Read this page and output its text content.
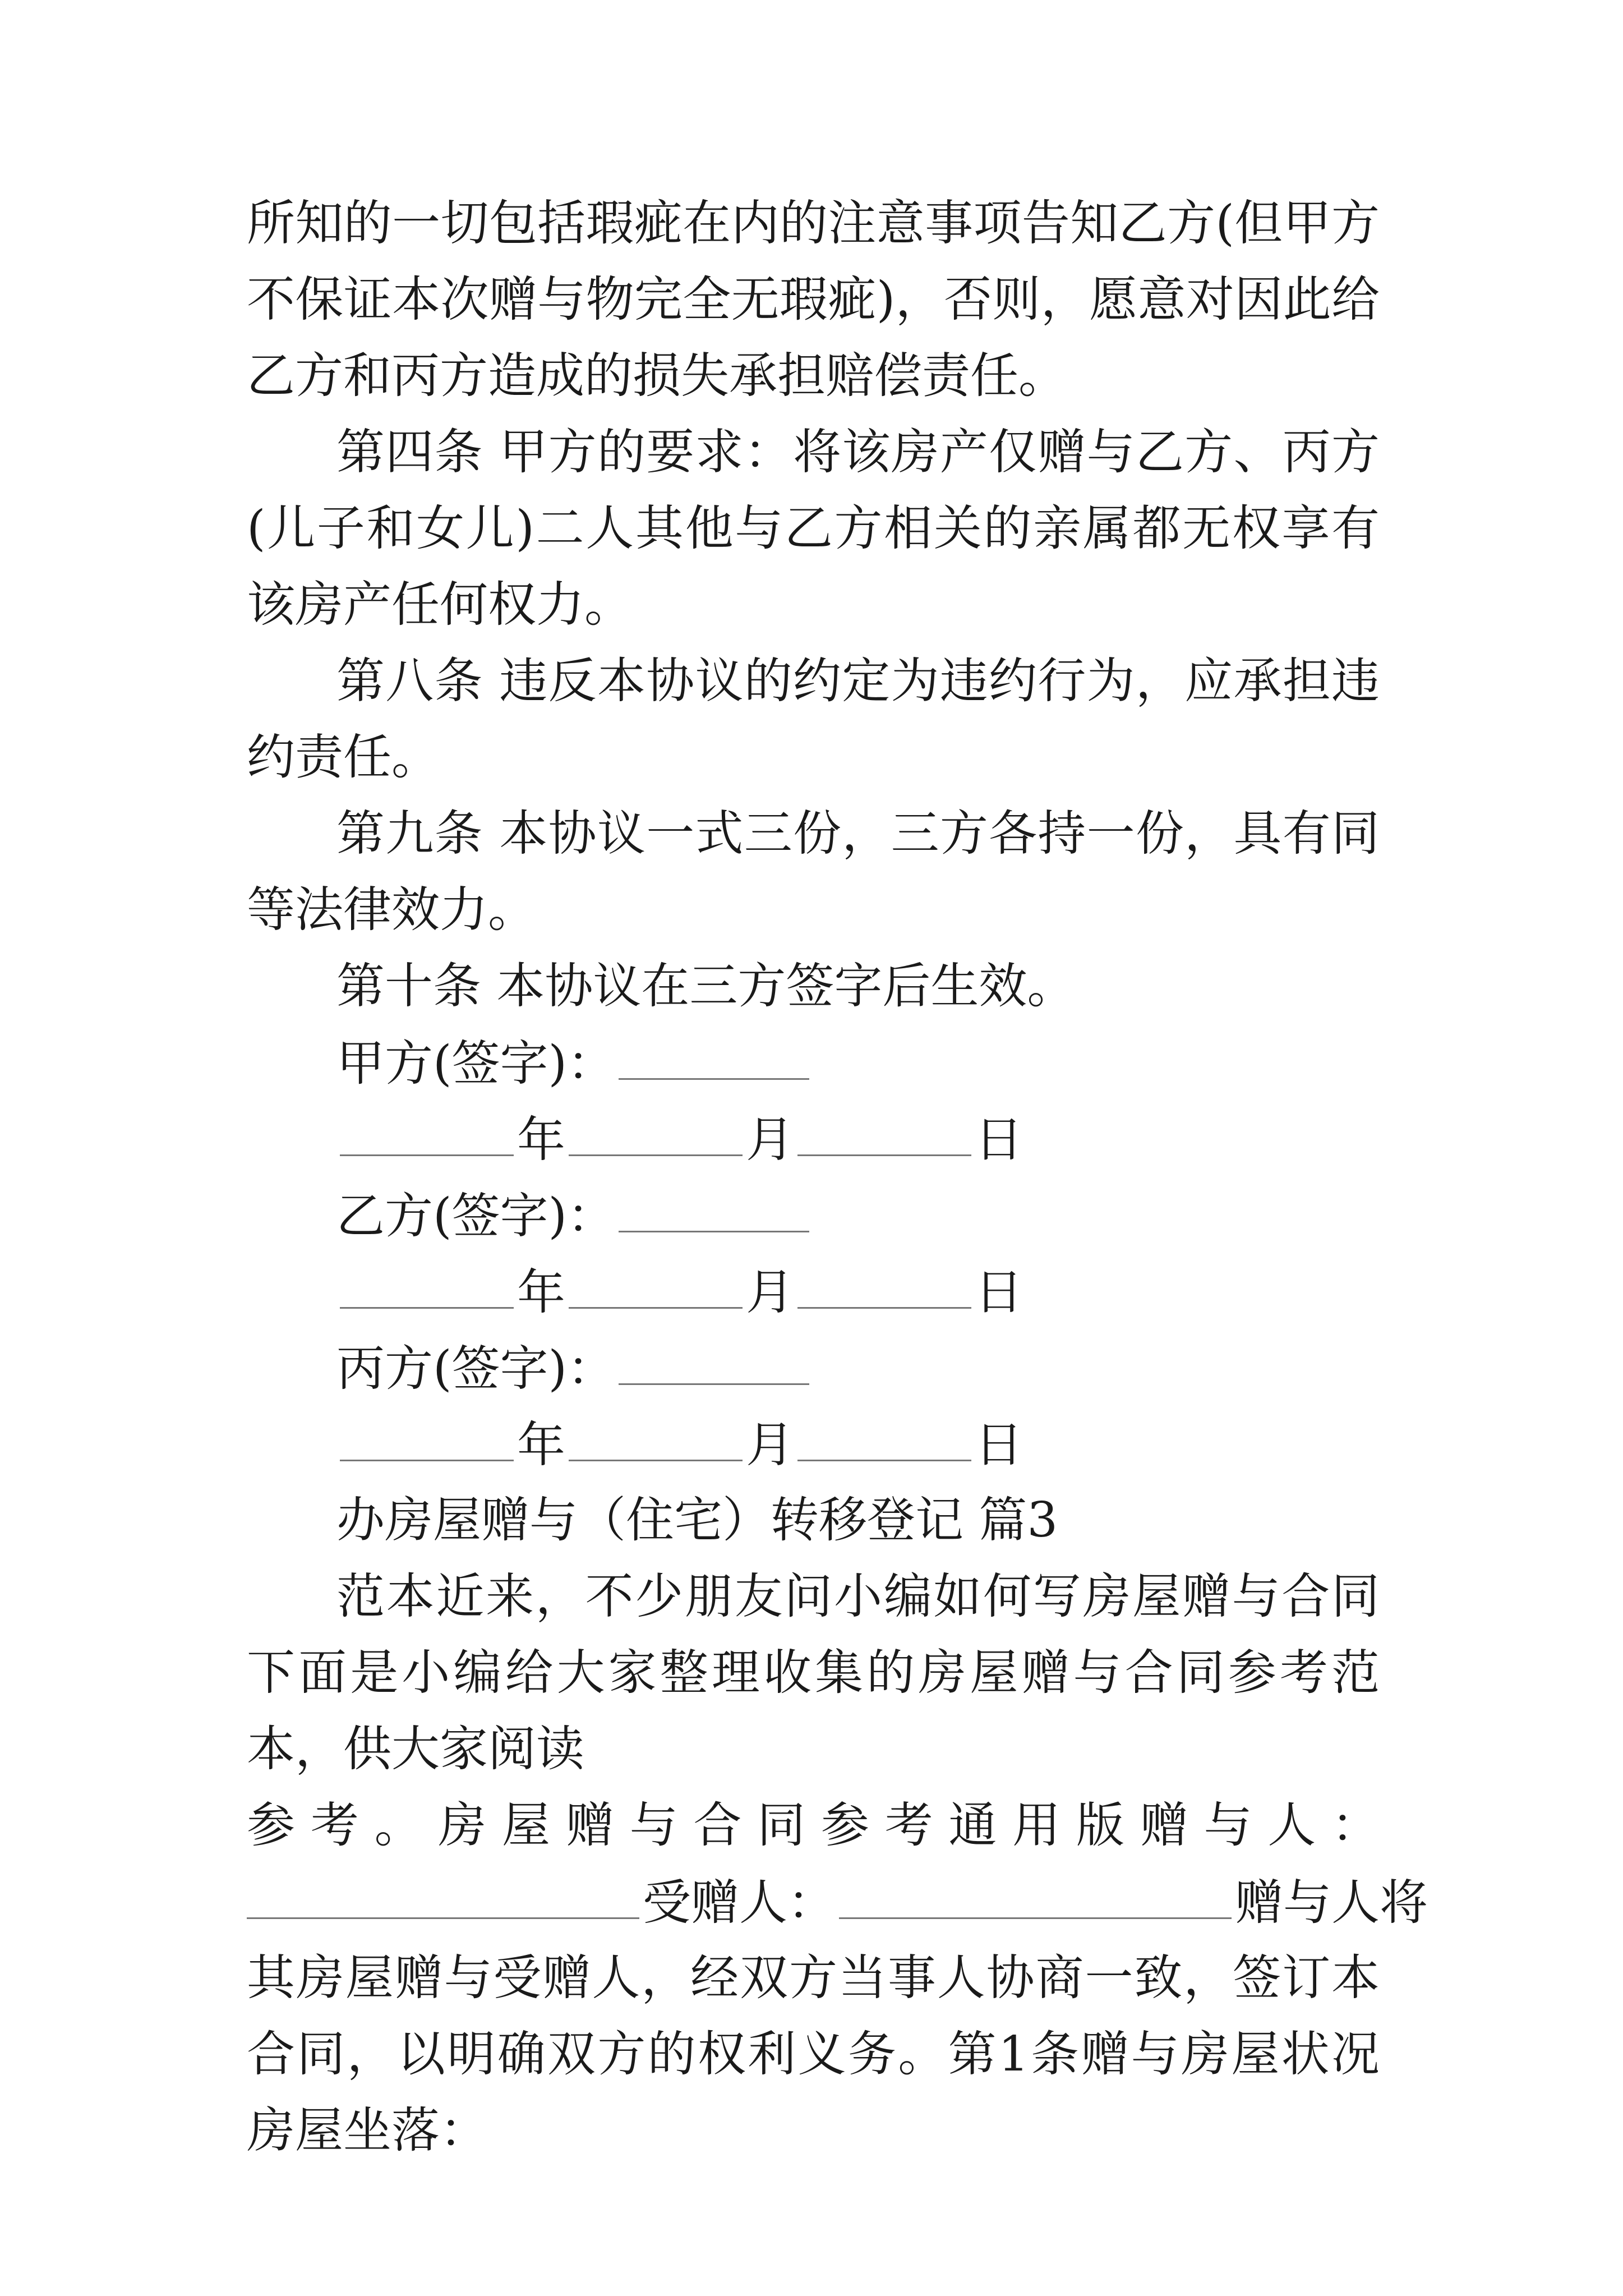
所知的一切包括瑕疵在内的注意事项告知乙方(但甲方不保证本次赠与物完全无瑕疵)，否则，愿意对因此给乙方和丙方造成的损失承担赔偿责任。

第四条 甲方的要求：将该房产仅赠与乙方、丙方(儿子和女儿)二人其他与乙方相关的亲属都无权享有该房产任何权力。

第八条 违反本协议的约定为违约行为，应承担违约责任。

第九条 本协议一式三份，三方各持一份，具有同等法律效力。

第十条 本协议在三方签字后生效。

甲方(签字)：
年	月	日
乙方(签字)：
年	月	日
丙方(签字)：
年	月	日
办房屋赠与（住宅）转移登记 篇3

范本近来，不少朋友问小编如何写房屋赠与合同下面是小编给大家整理收集的房屋赠与合同参考范本，供大家阅读

参 考 。 房 屋 赠 与 合 同 参 考 通 用 版 赠 与 人 ：
受赠人：	赠与人将

其房屋赠与受赠人，经双方当事人协商一致，签订本合同，以明确双方的权利义务。第1条赠与房屋状况房屋坐落：
